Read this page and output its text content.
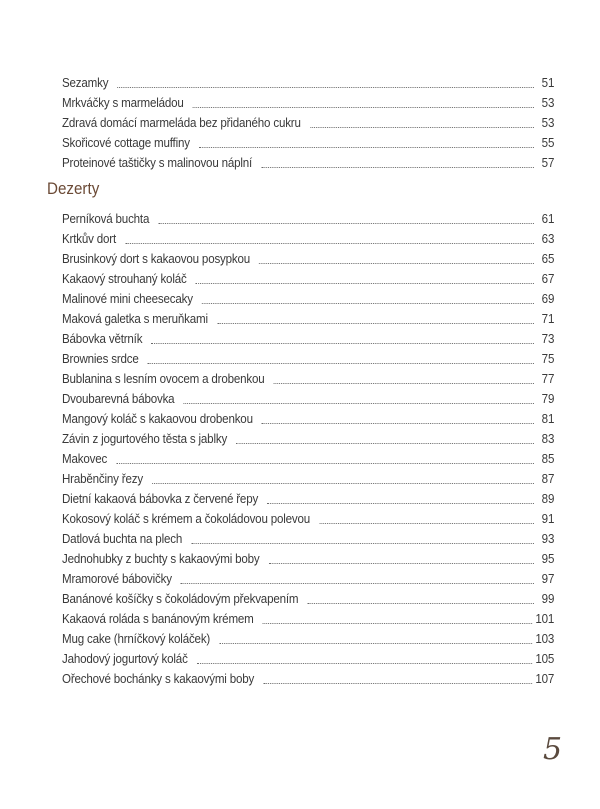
Sezamky	51
Mrkváčky s marmeládou	53
Zdravá domácí marmeláda bez přidaného cukru	53
Skořicové cottage muffiny	55
Proteinové taštičky s malinovou náplní	57
Dezerty
Perníková buchta	61
Krtkův dort	63
Brusinkový dort s kakaovou posypkou	65
Kakaový strouhaný koláč	67
Malinové mini cheesecaky	69
Maková galetka s meruňkami	71
Bábovka větrník	73
Brownies srdce	75
Bublanina s lesním ovocem a drobenkou	77
Dvoubarevná bábovka	79
Mangový koláč s kakaovou drobenkou	81
Závin z jogurtového těsta s jablky	83
Makovec	85
Hraběnčiny řezy	87
Dietní kakaová bábovka z červené řepy	89
Kokosový koláč s krémem a čokoládovou polevou	91
Datlová buchta na plech	93
Jednohubky z buchty s kakaovými boby	95
Mramorové bábovičky	97
Banánové košíčky s čokoládovým překvapením	99
Kakaová roláda s banánovým krémem	101
Mug cake (hrníčkový koláček)	103
Jahodový jogurtový koláč	105
Ořechové bochánky s kakaovými boby	107
5
